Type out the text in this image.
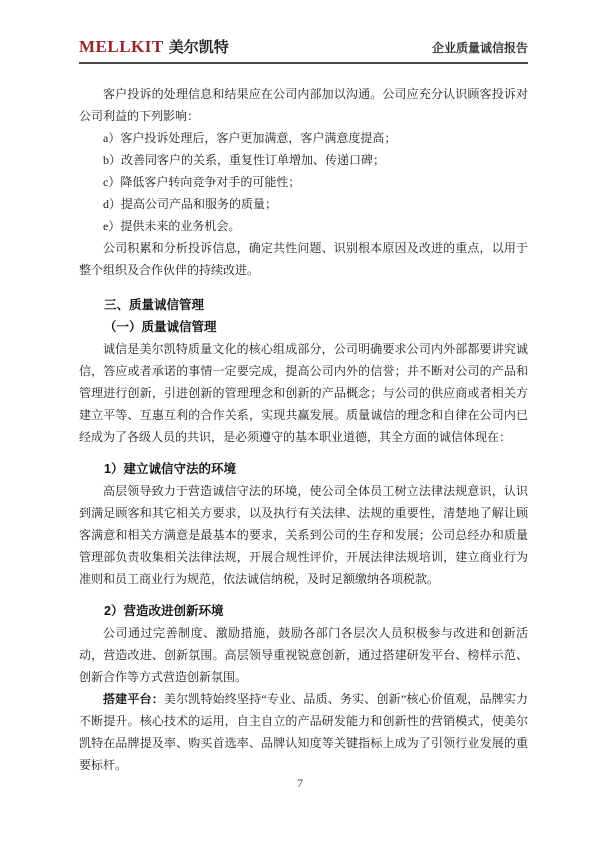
MELLKIT 美尔凯特	企业质量诚信报告

客户投诉的处理信息和结果应在公司内部加以沟通。公司应充分认识顾客投诉对公司利益的下列影响：

a）客户投诉处理后，客户更加满意，客户满意度提高；

b）改善同客户的关系，重复性订单增加、传递口碑；

c）降低客户转向竞争对手的可能性；

d）提高公司产品和服务的质量；

e）提供未来的业务机会。

公司积累和分析投诉信息，确定共性问题、识别根本原因及改进的重点，以用于整个组织及合作伙伴的持续改进。

三、质量诚信管理
（一）质量诚信管理

诚信是美尔凯特质量文化的核心组成部分，公司明确要求公司内外部都要讲究诚信，答应或者承诺的事情一定要完成，提高公司内外的信誉；并不断对公司的产品和管理进行创新，引进创新的管理理念和创新的产品概念；与公司的供应商或者相关方建立平等、互惠互利的合作关系，实现共赢发展。质量诚信的理念和自律在公司内已经成为了各级人员的共识，是必须遵守的基本职业道德，其全方面的诚信体现在：

1）建立诚信守法的环境

高层领导致力于营造诚信守法的环境，使公司全体员工树立法律法规意识，认识到满足顾客和其它相关方要求，以及执行有关法律、法规的重要性，清楚地了解让顾客满意和相关方满意是最基本的要求，关系到公司的生存和发展；公司总经办和质量管理部负责收集相关法律法规，开展合规性评价，开展法律法规培训，建立商业行为准则和员工商业行为规范，依法诚信纳税，及时足额缴纳各项税款。

2）营造改进创新环境

公司通过完善制度、激励措施，鼓励各部门各层次人员积极参与改进和创新活动，营造改进、创新氛围。高层领导重视锐意创新，通过搭建研发平台、榜样示范、创新合作等方式营造创新氛围。

搭建平台：美尔凯特始终坚持“专业、品质、务实、创新”核心价值观，品牌实力不断提升。核心技术的运用，自主自立的产品研发能力和创新性的营销模式，使美尔凯特在品牌提及率、购买首选率、品牌认知度等关键指标上成为了引领行业发展的重要标杆。

7
